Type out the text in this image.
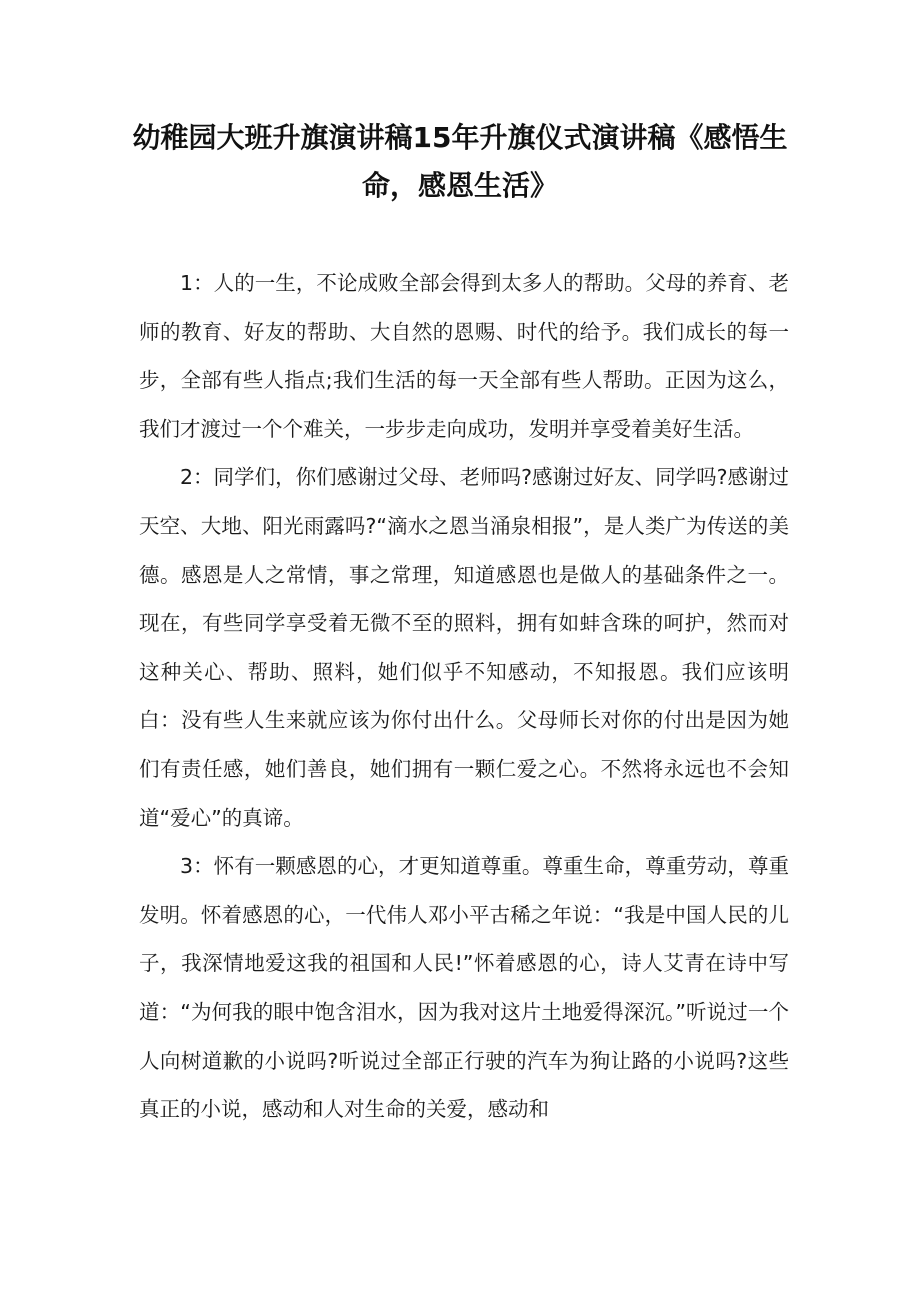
幼稚园大班升旗演讲稿15年升旗仪式演讲稿《感悟生命，感恩生活》

1：人的一生，不论成败全部会得到太多人的帮助。父母的养育、老师的教育、好友的帮助、大自然的恩赐、时代的给予。我们成长的每一步，全部有些人指点;我们生活的每一天全部有些人帮助。正因为这么，我们才渡过一个个难关，一步步走向成功，发明并享受着美好生活。

2：同学们，你们感谢过父母、老师吗?感谢过好友、同学吗?感谢过天空、大地、阳光雨露吗?“滴水之恩当涌泉相报”，是人类广为传送的美德。感恩是人之常情，事之常理，知道感恩也是做人的基础条件之一。现在，有些同学享受着无微不至的照料，拥有如蚌含珠的呵护，然而对这种关心、帮助、照料，她们似乎不知感动，不知报恩。我们应该明白：没有些人生来就应该为你付出什么。父母师长对你的付出是因为她们有责任感，她们善良，她们拥有一颗仁爱之心。不然将永远也不会知道“爱心”的真谛。

3：怀有一颗感恩的心，才更知道尊重。尊重生命，尊重劳动，尊重发明。怀着感恩的心，一代伟人邓小平古稀之年说：“我是中国人民的儿子，我深情地爱这我的祖国和人民!”怀着感恩的心，诗人艾青在诗中写道：“为何我的眼中饱含泪水，因为我对这片土地爱得深沉。”听说过一个人向树道歉的小说吗?听说过全部正行驶的汽车为狗让路的小说吗?这些真正的小说，感动和人对生命的关爱，感动和
